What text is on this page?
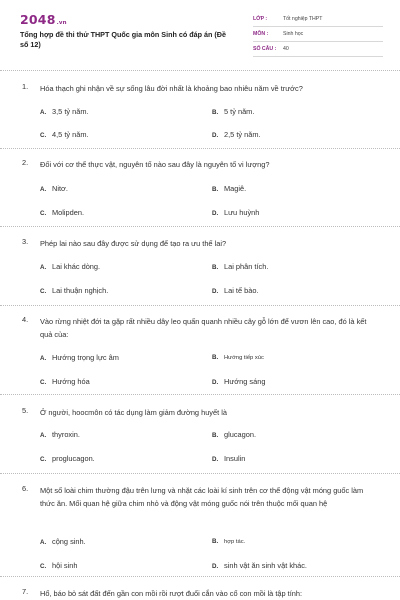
2048.vn
Tổng hợp đề thi thử THPT Quốc gia môn Sinh có đáp án (Đề số 12)
LỚP :	Tốt nghiệp THPT
MÔN :	Sinh học
SỐ CÂU : 40
1. Hóa thạch ghi nhận về sự sống lâu đời nhất là khoảng bao nhiêu năm về trước?
A. 3,5 tỷ năm.	B. 5 tỷ năm.
C. 4,5 tỷ năm.	D. 2,5 tỷ năm.
2. Đối với cơ thể thực vật, nguyên tố nào sau đây là nguyên tố vi lượng?
A. Nitơ.	B. Magiê.
C. Molipden.	D. Lưu huỳnh
3. Phép lai nào sau đây được sử dụng để tạo ra ưu thế lai?
A. Lai khác dòng.	B. Lai phân tích.
C. Lai thuận nghịch.	D. Lai tế bào.
4. Vào rừng nhiệt đới ta gặp rất nhiều dây leo quấn quanh nhiều cây gỗ lớn để vươn lên cao, đó là kết quả của:
A. Hướng trọng lực âm	B. Hướng tiếp xúc
C. Hướng hóa	D. Hướng sáng
5. Ở người, hoocmôn có tác dụng làm giảm đường huyết là
A. thyroxin.	B. glucagon.
C. proglucagon.	D. Insulin
6. Một số loài chim thường đậu trên lưng và nhặt các loài kí sinh trên cơ thể động vật móng guốc làm thức ăn. Mối quan hệ giữa chim nhỏ và động vật móng guốc nói trên thuộc mối quan hệ
A. cộng sinh.	B. hợp tác.
C. hội sinh	D. sinh vật ăn sinh vật khác.
7. Hổ, báo bỏ sát đất đến gần con mồi rồi rượt đuổi cắn vào cổ con mồi là tập tính:
